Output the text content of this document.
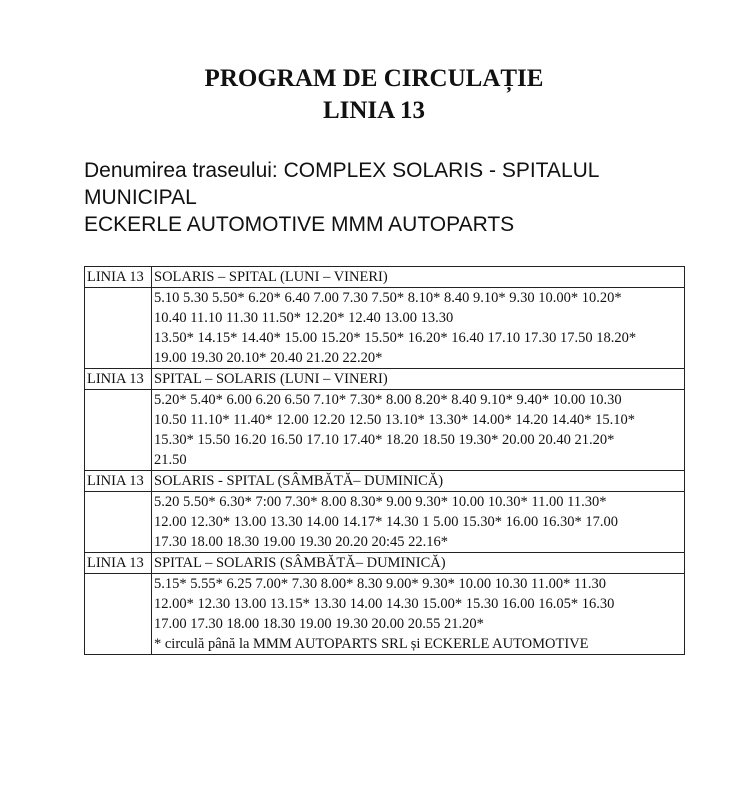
PROGRAM DE CIRCULAȚIE
LINIA 13
Denumirea traseului: COMPLEX SOLARIS - SPITALUL
MUNICIPAL
ECKERLE AUTOMOTIVE MMM AUTOPARTS
LINIA 13	SOLARIS – SPITAL (LUNI – VINERI)

	5.10 5.30 5.50* 6.20* 6.40 7.00 7.30 7.50* 8.10* 8.40 9.10* 9.30 10.00* 10.20*
10.40 11.10 11.30 11.50* 12.20* 12.40 13.00 13.30
13.50* 14.15* 14.40* 15.00 15.20* 15.50* 16.20* 16.40 17.10 17.30 17.50 18.20*
19.00 19.30 20.10* 20.40 21.20 22.20*

LINIA 13	SPITAL – SOLARIS (LUNI – VINERI)

	5.20* 5.40* 6.00 6.20 6.50 7.10* 7.30* 8.00 8.20* 8.40 9.10* 9.40* 10.00 10.30
10.50 11.10* 11.40* 12.00 12.20 12.50 13.10* 13.30* 14.00* 14.20 14.40* 15.10*
15.30* 15.50 16.20 16.50 17.10 17.40* 18.20 18.50 19.30* 20.00 20.40 21.20*
21.50

LINIA 13	SOLARIS - SPITAL (SÂMBĂTĂ– DUMINICĂ)

	5.20 5.50* 6.30* 7:00 7.30* 8.00 8.30* 9.00 9.30* 10.00 10.30* 11.00 11.30*
12.00 12.30* 13.00 13.30 14.00 14.17* 14.30 1 5.00 15.30* 16.00 16.30* 17.00
17.30 18.00 18.30 19.00 19.30 20.20 20:45 22.16*

LINIA 13	SPITAL – SOLARIS (SÂMBĂTĂ– DUMINICĂ)

	5.15* 5.55* 6.25 7.00* 7.30 8.00* 8.30 9.00* 9.30* 10.00 10.30 11.00* 11.30
12.00* 12.30 13.00 13.15* 13.30 14.00 14.30 15.00* 15.30 16.00 16.05* 16.30
17.00 17.30 18.00 18.30 19.00 19.30 20.00 20.55 21.20*
* circulă până la MMM AUTOPARTS SRL și ECKERLE AUTOMOTIVE
